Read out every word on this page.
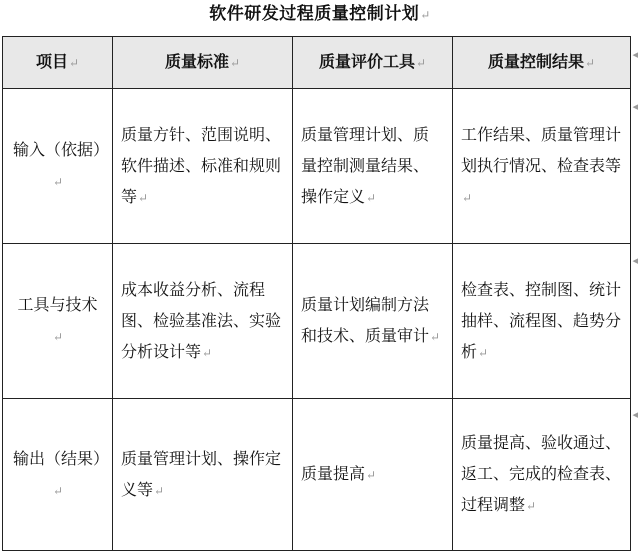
软件研发过程质量控制计划↵
项目↵	质量标准↵	质量评价工具↵	质量控制结果↵
输入（依据）↵	质量方针、范围说明、软件描述、标准和规则等↵	质量管理计划、质量控制测量结果、操作定义↵	工作结果、质量管理计划执行情况、检查表等↵
工具与技术↵	成本收益分析、流程图、检验基准法、实验分析设计等↵	质量计划编制方法和技术、质量审计↵	检查表、控制图、统计抽样、流程图、趋势分析↵
输出（结果）↵	质量管理计划、操作定义等↵	质量提高↵	质量提高、验收通过、返工、完成的检查表、过程调整↵
◂
◂
◂
◂
